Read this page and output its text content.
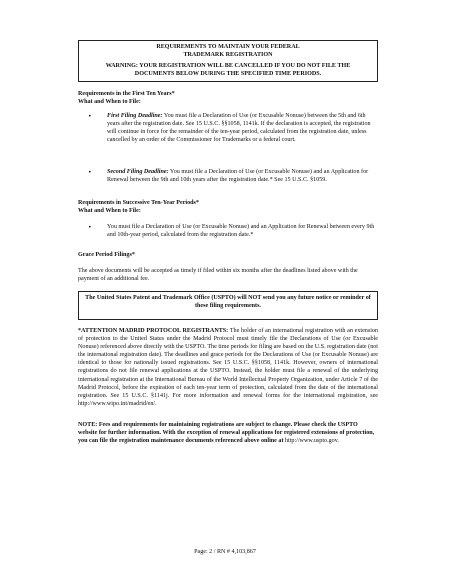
REQUIREMENTS TO MAINTAIN YOUR FEDERAL
TRADEMARK REGISTRATION
WARNING: YOUR REGISTRATION WILL BE CANCELLED IF YOU DO NOT FILE THE
DOCUMENTS BELOW DURING THE SPECIFIED TIME PERIODS.
Requirements in the First Ten Years*
What and When to File:
•	First Filing Deadline: You must file a Declaration of Use (or Excusable Nonuse) between the 5th and 6th years after the registration date. See 15 U.S.C. §§1058, 1141k. If the declaration is accepted, the registration will continue in force for the remainder of the ten-year period, calculated from the registration date, unless cancelled by an order of the Commissioner for Trademarks or a federal court.
•	Second Filing Deadline: You must file a Declaration of Use (or Excusable Nonuse) and an Application for Renewal between the 9th and 10th years after the registration date.* See 15 U.S.C. §1059.
Requirements in Successive Ten-Year Periods*
What and When to File:
•	You must file a Declaration of Use (or Excusable Nonuse) and an Application for Renewal between every 9th and 10th-year period, calculated from the registration date.*
Grace Period Filings*
The above documents will be accepted as timely if filed within six months after the deadlines listed above with the payment of an additional fee.
The United States Patent and Trademark Office (USPTO) will NOT send you any future notice or reminder of these filing requirements.
*ATTENTION MADRID PROTOCOL REGISTRANTS: The holder of an international registration with an extension of protection to the United States under the Madrid Protocol must timely file the Declarations of Use (or Excusable Nonuse) referenced above directly with the USPTO. The time periods for filing are based on the U.S. registration date (not the international registration date). The deadlines and grace periods for the Declarations of Use (or Excusable Nonuse) are identical to those for nationally issued registrations. See 15 U.S.C. §§1058, 1141k. However, owners of international registrations do not file renewal applications at the USPTO. Instead, the holder must file a renewal of the underlying international registration at the International Bureau of the World Intellectual Property Organization, under Article 7 of the Madrid Protocol, before the expiration of each ten-year term of protection, calculated from the date of the international registration. See 15 U.S.C. §1141j. For more information and renewal forms for the international registration, see http://www.wipo.int/madrid/en/.
NOTE: Fees and requirements for maintaining registrations are subject to change. Please check the USPTO website for further information. With the exception of renewal applications for registered extensions of protection, you can file the registration maintenance documents referenced above online at http://www.uspto.gov.
Page: 2 / RN # 4,103,867
